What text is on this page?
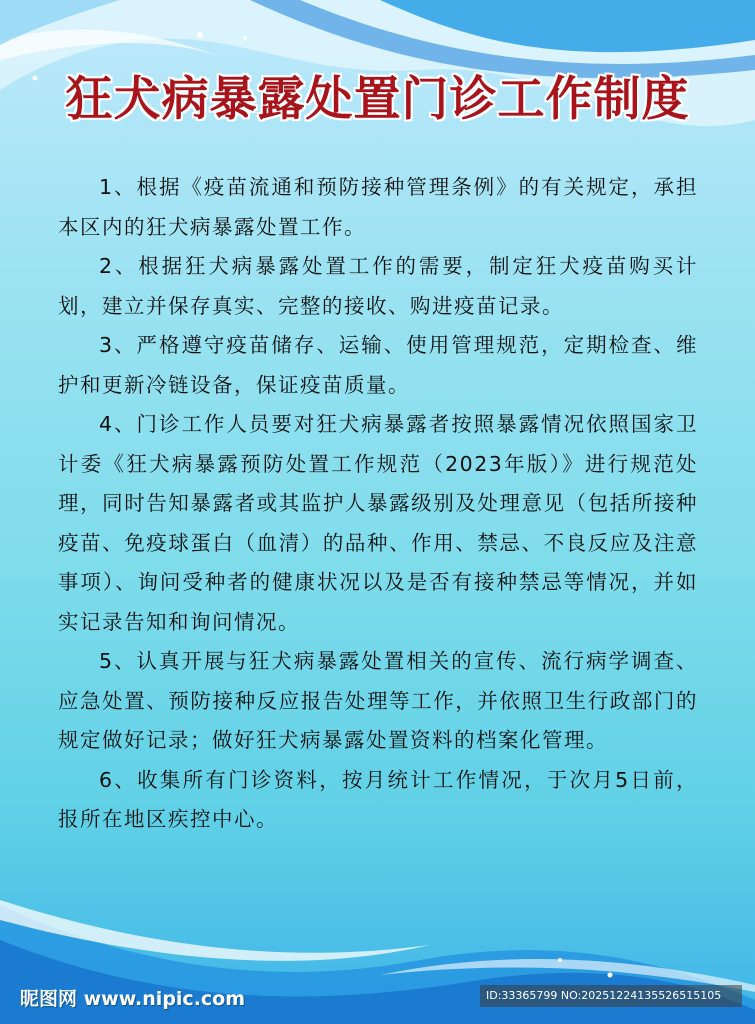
狂犬病暴露处置门诊工作制度

1、根据《疫苗流通和预防接种管理条例》的有关规定，承担本区内的狂犬病暴露处置工作。

2、根据狂犬病暴露处置工作的需要，制定狂犬疫苗购买计划，建立并保存真实、完整的接收、购进疫苗记录。

3、严格遵守疫苗储存、运输、使用管理规范，定期检查、维护和更新冷链设备，保证疫苗质量。

4、门诊工作人员要对狂犬病暴露者按照暴露情况依照国家卫计委《狂犬病暴露预防处置工作规范（2023年版）》进行规范处理，同时告知暴露者或其监护人暴露级别及处理意见（包括所接种疫苗、免疫球蛋白（血清）的品种、作用、禁忌、不良反应及注意事项）、询问受种者的健康状况以及是否有接种禁忌等情况，并如实记录告知和询问情况。

5、认真开展与狂犬病暴露处置相关的宣传、流行病学调查、应急处置、预防接种反应报告处理等工作，并依照卫生行政部门的规定做好记录；做好狂犬病暴露处置资料的档案化管理。

6、收集所有门诊资料，按月统计工作情况，于次月5日前，报所在地区疾控中心。

昵图网 www.nipic.com	ID:33365799 NO:20251224135526515105
